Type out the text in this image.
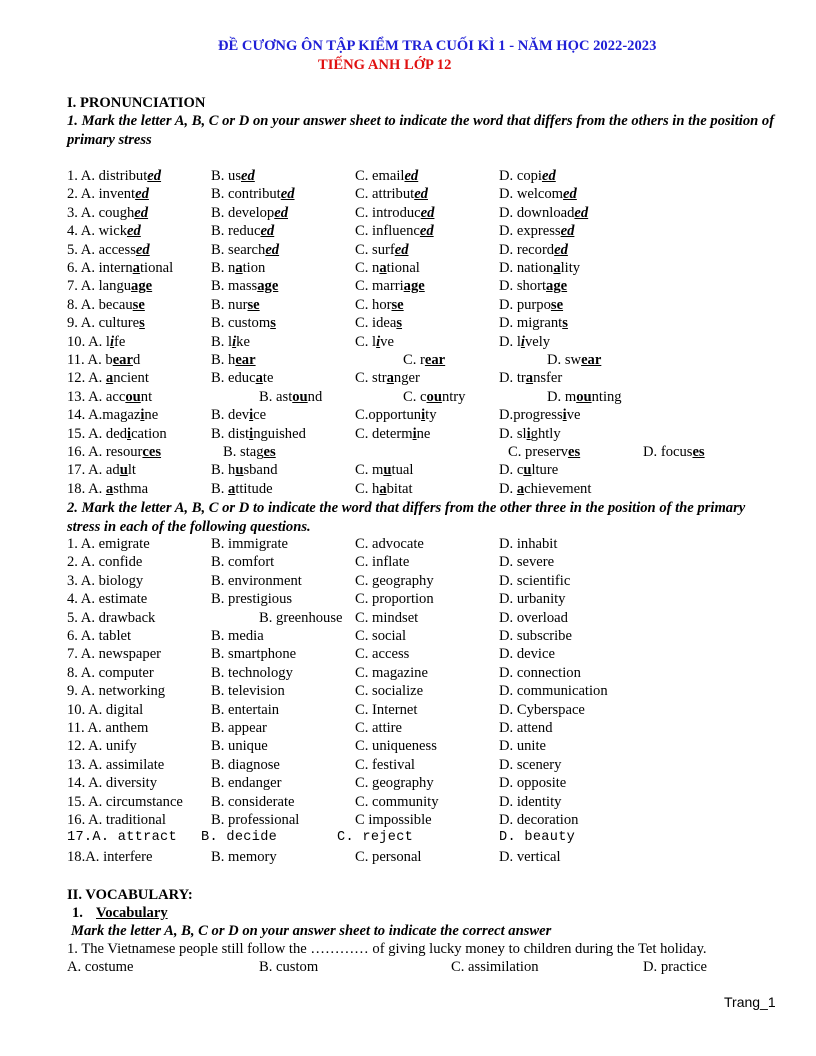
ĐỀ CƯƠNG ÔN TẬP KIỂM TRA CUỐI KÌ 1 - NĂM HỌC 2022-2023
TIẾNG ANH LỚP 12
I. PRONUNCIATION
1. Mark the letter A, B, C or D on your answer sheet to indicate the word that differs from the others in the position of primary stress
1. A. distributed	B. used	C. emailed	D. copied
2. A. invented	B. contributed	C. attributed	D. welcomed
3. A. coughed	B. developed	C. introduced	D. downloaded
4. A. wicked	B. reduced	C. influenced	D. expressed
5. A. accessed	B. searched	C. surfed	D. recorded
6. A. international	B. nation	C. national	D. nationality
7. A. language	B. massage	C. marriage	D. shortage
8. A. because	B. nurse	C. horse	D. purpose
9. A. cultures	B. customs	C. ideas	D. migrants
10. A. life	B. like	C. live	D. lively
11. A. beard	B. hear	C. rear	D. swear
12. A. ancient	B. educate	C. stranger	D. transfer
13. A. account	B. astound	C. country	D. mounting
14. A.magazine	B. device	C.opportunity	D.progressive
15. A. dedication	B. distinguished	C. determine	D. slightly
16. A. resources	B. stages	C. preserves	D. focuses
17. A. adult	B. husband	C. mutual	D. culture
18. A. asthma	B. attitude	C. habitat	D. achievement
2. Mark the letter A, B, C or D to indicate the word that differs from the other three in the position of the primary stress in each of the following questions.
1. A. emigrate	B. immigrate	C. advocate	D. inhabit
2. A. confide	B. comfort	C. inflate	D. severe
3. A. biology	B. environment	C. geography	D. scientific
4. A. estimate	B. prestigious	C. proportion	D. urbanity
5. A. drawback	B. greenhouse C. mindset	D. overload
6. A. tablet	B. media	C. social	D. subscribe
7. A. newspaper	B. smartphone	C. access	D. device
8. A. computer	B. technology	C. magazine	D. connection
9. A. networking	B. television	C. socialize	D. communication
10. A. digital	B. entertain	C. Internet	D. Cyberspace
11. A. anthem	B. appear	C. attire	D. attend
12. A. unify	B. unique	C. uniqueness	D. unite
13. A. assimilate	B. diagnose	C. festival	D. scenery
14. A. diversity	B. endanger	C. geography	D. opposite
15. A. circumstance B. considerate	C. community	D. identity
16. A. traditional	B. professional	C impossible	D. decoration
17.A. attract B. decide	C. reject	D. beauty
18.A. interfere	B. memory	C. personal	D. vertical
II. VOCABULARY:
1. Vocabulary
Mark the letter A, B, C or D on your answer sheet to indicate the correct answer
1. The Vietnamese people still follow the ………… of giving lucky money to children during the Tet holiday.
A. costume	B. custom	C. assimilation	D. practice
Trang_1
